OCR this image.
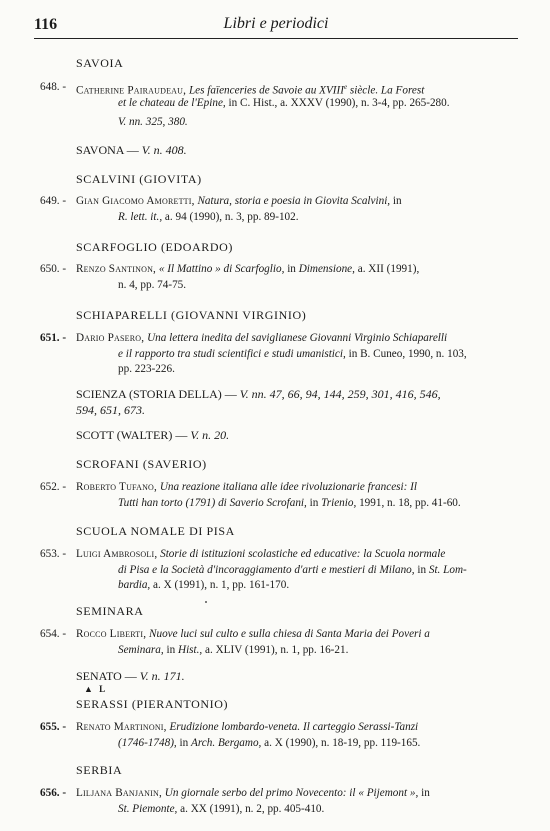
116	Libri e periodici
SAVOIA
648. - Catherine Pairaudeau, Les faïenceries de Savoie au XVIIIe siècle. La Forest
et le chateau de l'Epine, in C. Hist., a. XXXV (1990), n. 3-4, pp. 265-280.
V. nn. 325, 380.
SAVONA — V. n. 408.
SCALVINI (GIOVITA)
649. - Gian Giacomo Amoretti, Natura, storia e poesia in Giovita Scalvini, in
R. lett. it., a. 94 (1990), n. 3, pp. 89-102.
SCARFOGLIO (EDOARDO)
650. - Renzo Santinon, « Il Mattino » di Scarfoglio, in Dimensione, a. XII (1991),
n. 4, pp. 74-75.
SCHIAPARELLI (GIOVANNI VIRGINIO)
651. - Dario Pasero, Una lettera inedita del saviglianese Giovanni Virginio Schiaparelli
e il rapporto tra studi scientifici e studi umanistici, in B. Cuneo, 1990, n. 103,
pp. 223-226.
SCIENZA (STORIA DELLA) — V. nn. 47, 66, 94, 144, 259, 301, 416, 546,
594, 651, 673.
SCOTT (WALTER) — V. n. 20.
SCROFANI (SAVERIO)
652. - Roberto Tufano, Una reazione italiana alle idee rivoluzionarie francesi: Il
Tutti han torto (1791) di Saverio Scrofani, in Trienio, 1991, n. 18, pp. 41-60.
SCUOLA NOMALE DI PISA
653. - Luigi Ambrosoli, Storie di istituzioni scolastiche ed educative: la Scuola normale
di Pisa e la Società d'incoraggiamento d'arti e mestieri di Milano, in St. Lom-
bardia, a. X (1991), n. 1, pp. 161-170.
SEMINARA
654. - Rocco Liberti, Nuove luci sul culto e sulla chiesa di Santa Maria dei Poveri a
Seminara, in Hist., a. XLIV (1991), n. 1, pp. 16-21.
SENATO — V. n. 171.
▲ L
SERASSI (PIERANTONIO)
655. - Renato Martinoni, Erudizione lombardo-veneta. Il carteggio Serassi-Tanzi
(1746-1748), in Arch. Bergamo, a. X (1990), n. 18-19, pp. 119-165.
SERBIA
656. - Liljana Banjanin, Un giornale serbo del primo Novecento: il « Pijemont », in
St. Piemonte, a. XX (1991), n. 2, pp. 405-410.
